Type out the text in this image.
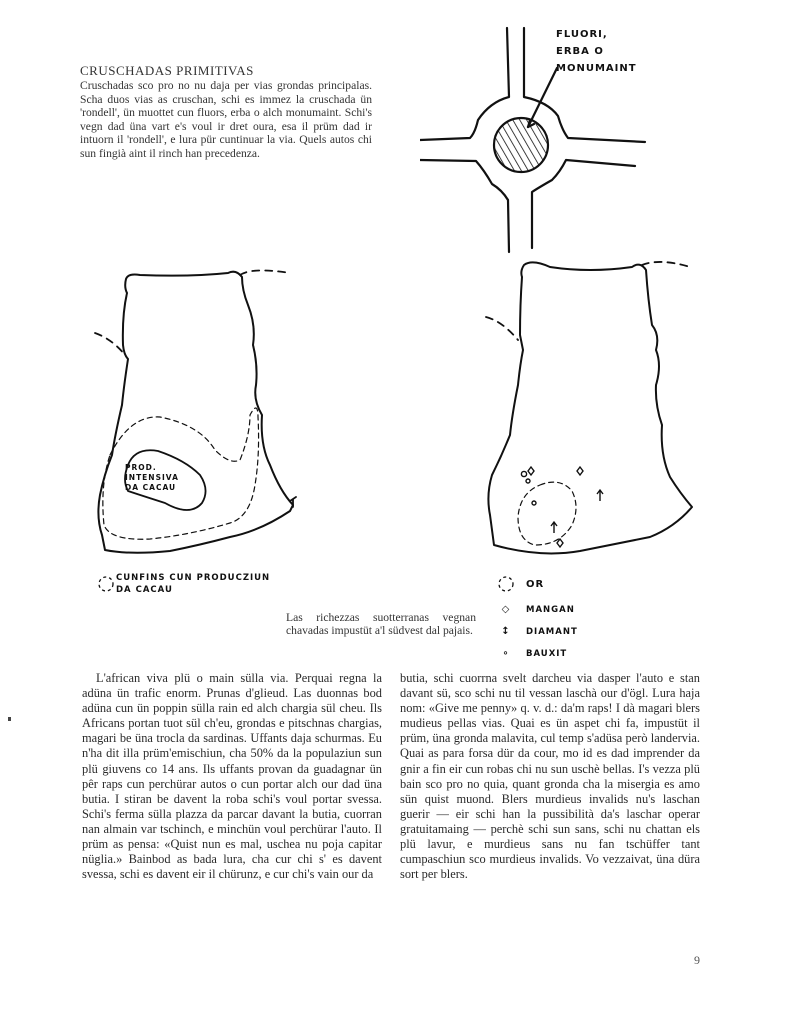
CRUSCHADAS PRIMITIVAS
Cruschadas sco pro no nu daja per vias grondas principalas. Scha duos vias as cruschan, schi es immez la cruschada ün 'rondell', ün muottet cun fluors, erba o alch monumaint. Schi's vegn dad üna vart e's voul ir dret oura, esa il prüm dad ir intuorn il 'rondell', e lura pür cuntinuar la via. Quels autos chi sun fingià aint il rinch han precedenza.
FLUORI,
ERBA O
MONUMAINT
PROD.
INTENSIVA
DA CACAU
CUNFINS CUN PRODUCZIUN
DA CACAU
OR
◇	MANGAN
↕	DIAMANT
∘	BAUXIT
Las richezzas suotterranas vegnan chavadas impustüt a'l südvest dal pajais.
L'african viva plü o main sülla via. Perquai regna la adüna ün trafic enorm. Prunas d'glieud. Las duonnas bod adüna cun ün poppin sülla rain ed alch chargia sül cheu. Ils Africans portan tuot sül ch'eu, grondas e pitschnas chargias, magari be üna trocla da sardinas. Uffants daja schurmas. Eu n'ha dit illa prüm'emischiun, cha 50% da la populaziun sun plü giuvens co 14 ans. Ils uffants provan da guadagnar ün pêr raps cun perchürar autos o cun portar alch our dad üna butia. I stiran be davent la roba schi's voul portar svessa. Schi's ferma sülla plazza da parcar davant la butia, cuorran nan almain var tschinch, e minchün voul perchürar l'auto. Il prüm as pensa: «Quist nun es mal, uschea nu poja capitar nüglia.» Bainbod as bada lura, cha cur chi s' es davent svessa, schi es davent eir il chürunz, e cur chi's vain our da
butia, schi cuorrna svelt darcheu via dasper l'auto e stan davant sü, sco schi nu til vessan laschà our d'ögl. Lura haja nom: «Give me penny» q. v. d.: da'm raps! I dà magari blers mudieus pellas vias. Quai es ün aspet chi fa, impustüt il prüm, üna gronda malavita, cul temp s'adüsa però landervia. Quai as para forsa dür da cour, mo id es dad imprender da gnir a fin eir cun robas chi nu sun uschè bellas. I's vezza plü bain sco pro no quia, quant gronda cha la misergia es amo sün quist muond. Blers murdieus invalids nu's laschan guerir — eir schi han la pussibilità da's laschar operar gratuitamaing — perchè schi sun sans, schi nu chattan els plü lavur, e murdieus sans nu fan tschüffer tant cumpaschiun sco murdieus invalids. Vo vezzaivat, üna düra sort per blers.
9
